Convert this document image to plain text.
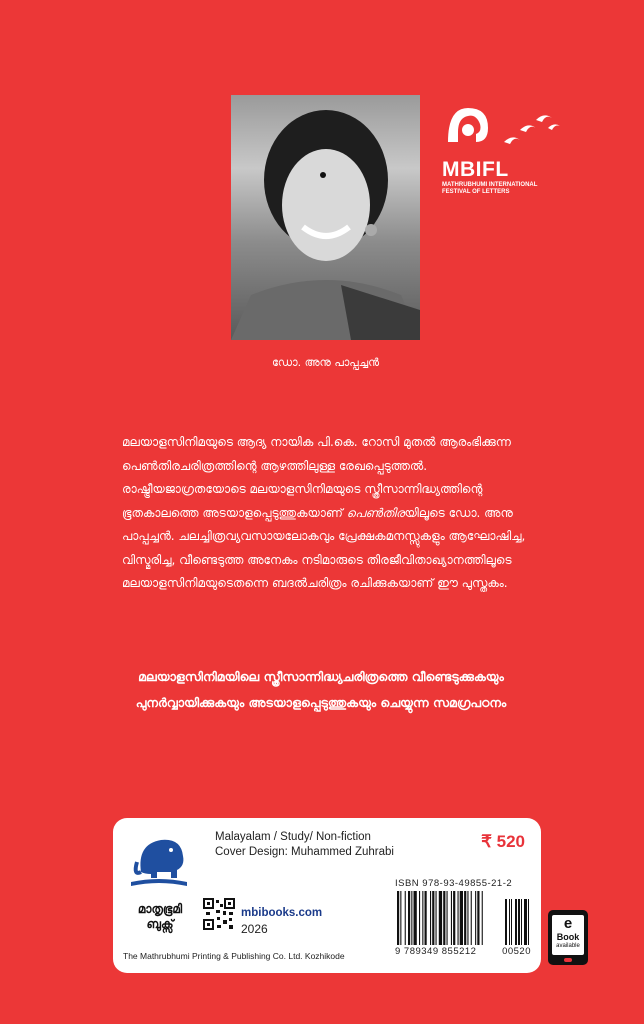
ഡോ. അനു പാപ്പച്ചൻ
MBIFL
MATHRUBHUMI INTERNATIONAL
FESTIVAL OF LETTERS
മലയാളസിനിമയുടെ ആദ്യ നായിക പി.കെ. റോസി മുതൽ ആരംഭിക്കുന്ന പെൺതിരചരിത്രത്തിന്റെ ആഴത്തിലുള്ള രേഖപ്പെടുത്തൽ. രാഷ്ട്രീയജാഗ്രതയോടെ മലയാളസിനിമയുടെ സ്ത്രീസാന്നിദ്ധ്യത്തിന്റെ ഭൂതകാലത്തെ അടയാളപ്പെടുത്തുകയാണ് പെൺതിരയിലൂടെ ഡോ. അനു പാപ്പച്ചൻ. ചലച്ചിത്രവ്യവസായലോകവും പ്രേക്ഷകമനസ്സുകളും ആഘോഷിച്ച, വിസ്മരിച്ച, വീണ്ടെടുത്ത അനേകം നടിമാരുടെ തിരജീവിതാഖ്യാനത്തിലൂടെ മലയാളസിനിമയുടെതന്നെ ബദൽചരിത്രം രചിക്കുകയാണ് ഈ പുസ്തകം.
മലയാളസിനിമയിലെ സ്ത്രീസാന്നിദ്ധ്യചരിത്രത്തെ വീണ്ടെടുക്കുകയും പുനർവ്വായിക്കുകയും അടയാളപ്പെടുത്തുകയും ചെയ്യുന്ന സമഗ്രപഠനം
മാതൃഭൂമി
ബുക്സ്
Malayalam / Study/ Non-fiction
Cover Design: Muhammed Zuhrabi
₹ 520
ISBN 978-93-49855-21-2
9 789349 855212	00520
mbibooks.com
2026
The Mathrubhumi Printing & Publishing Co. Ltd. Kozhikode
e
Book
available
